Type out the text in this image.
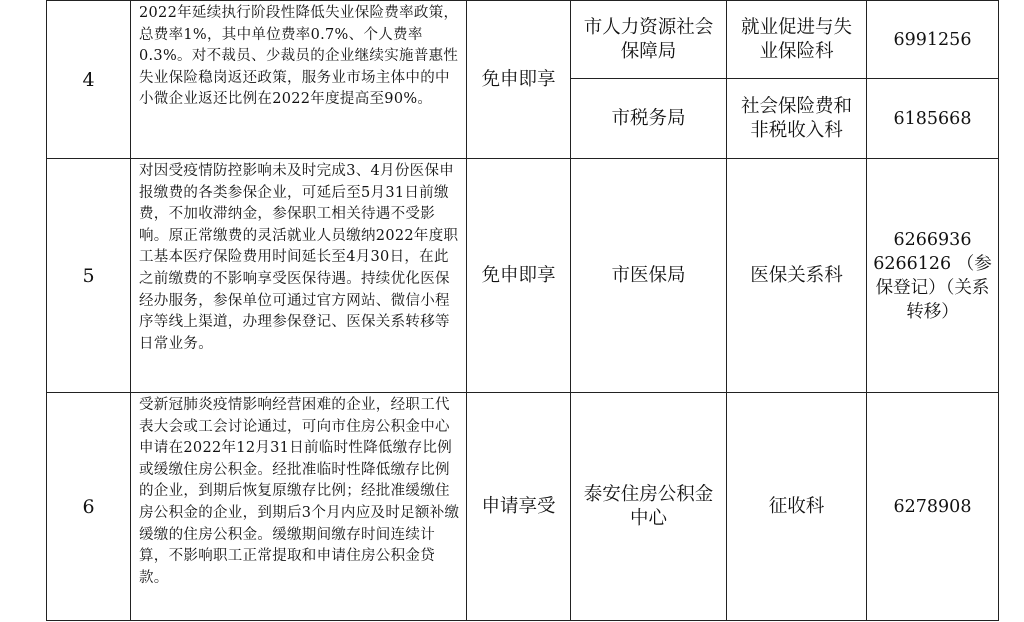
4	2022年延续执行阶段性降低失业保险费率政策，总费率1%，其中单位费率0.7%、个人费率0.3%。对不裁员、少裁员的企业继续实施普惠性失业保险稳岗返还政策，服务业市场主体中的中小微企业返还比例在2022年度提高至90%。	免申即享	市人力资源社会保障局	就业促进与失业保险科	6991256

			市税务局	社会保险费和非税收入科	6185668
5	对因受疫情防控影响未及时完成3、4月份医保申报缴费的各类参保企业，可延后至5月31日前缴费，不加收滞纳金，参保职工相关待遇不受影响。原正常缴费的灵活就业人员缴纳2022年度职工基本医疗保险费用时间延长至4月30日，在此之前缴费的不影响享受医保待遇。持续优化医保经办服务，参保单位可通过官方网站、微信小程序等线上渠道，办理参保登记、医保关系转移等日常业务。	免申即享	市医保局	医保关系科	6266936 6266126 （参保登记）（关系转移）

6	受新冠肺炎疫情影响经营困难的企业，经职工代表大会或工会讨论通过，可向市住房公积金中心申请在2022年12月31日前临时性降低缴存比例或缓缴住房公积金。经批准临时性降低缴存比例的企业，到期后恢复原缴存比例；经批准缓缴住房公积金的企业，到期后3个月内应及时足额补缴缓缴的住房公积金。缓缴期间缴存时间连续计算，不影响职工正常提取和申请住房公积金贷款。	申请享受	泰安住房公积金中心	征收科	6278908
